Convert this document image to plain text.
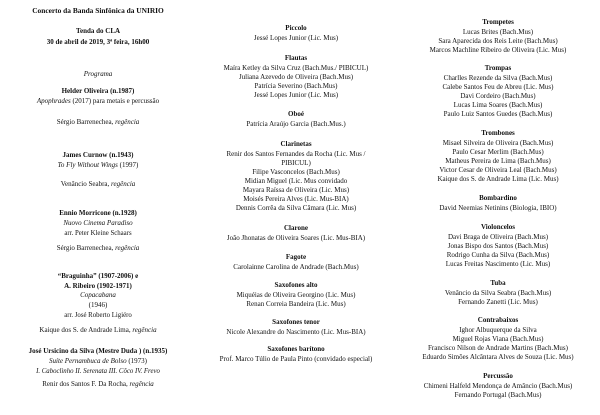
Concerto da Banda Sinfônica da UNIRIO
Tenda do CLA
30 de abril de 2019, 3ª feira, 16h00
Programa
Helder Oliveira (n.1987)
Apophrades (2017) para metais e percussão
Sérgio Barrenechea, regência
James Curnow (n.1943)
To Fly Without Wings (1997)
Venâncio Seabra, regência
Ennio Morricone (n.1928)
Nuovo Cinema Paradiso
arr. Peter Kleine Schaars
Sérgio Barrenechea, regência
“Braguinha” (1907-2006) e
A. Ribeiro (1902-1971)
Copacabana
(1946)
arr. José Roberto Ligiéro
Kaique dos S. de Andrade Lima, regência
José Ursicino da Silva (Mestre Duda ) (n.1935)
Suíte Pernambuca de Bolso (1973)
I. Caboclinho II. Serenata III. Côco IV. Frevo
Renir dos Santos F. Da Rocha, regência
Piccolo
Jessé Lopes Junior (Lic. Mus)
Flautas
Maíra Ketley da Silva Cruz (Bach.Mus./ PIBICUL)
Juliana Azevedo de Oliveira (Bach.Mus)
Patrícia Severino (Bach.Mus)
Jessé Lopes Junior (Lic. Mus)
Oboé
Patrícia Araújo Garcia (Bach.Mus.)
Clarinetas
Renir dos Santos Fernandes da Rocha (Lic. Mus /
PIBICUL)
Filipe Vasconcelos (Bach.Mus)
Midian Miguel (Lic. Mus convidado
Mayara Raíssa de Oliveira (Lic. Mus)
Moisés Pereira Alves (Lic. Mus-BIA)
Dennis Corrêa da Silva Câmara (Lic. Mus)
Clarone
João Jhonatas de Oliveira Soares (Lic. Mus-BIA)
Fagote
Carolainne Carolina de Andrade (Bach.Mus)
Saxofones alto
Miquéias de Oliveira Georgino (Lic. Mus)
Renan Correia Bandeira (Lic. Mus)
Saxofones tenor
Nicole Alexandre do Nascimento (Lic. Mus-BIA)
Saxofones barítono
Prof. Marco Túlio de Paula Pinto (convidado especial)
Trompetes
Lucas Brites (Bach.Mus)
Sara Aparecida dos Reis Leite (Bach.Mus)
Marcos Machline Ribeiro de Oliveira (Lic. Mus)
Trompas
Charlles Rezende da Silva (Bach.Mus)
Calebe Santos Feu de Abreu (Lic. Mus)
Davi Cordeiro (Bach.Mus)
Lucas Lima Soares (Bach.Mus)
Paulo Luiz Santos Guedes (Bach.Mus)
Trombones
Misael Silveira de Oliveira (Bach.Mus)
Paulo Cesar Merlim (Bach.Mus)
Matheus Pereira de Lima (Bach.Mus)
Victor Cesar de Oliveira Leal (Bach.Mus)
Kaique dos S. de Andrade Lima (Lic. Mus)
Bombardino
David Neemias Netinins (Biologia, IBIO)
Violoncelos
Davi Braga de Oliveira (Bach.Mus)
Jonas Bispo dos Santos (Bach.Mus)
Rodrigo Cunha da Silva (Bach.Mus)
Lucas Freitas Nascimento (Lic. Mus)
Tuba
Venâncio da Silva Seabra (Bach.Mus)
Fernando Zanetti (Lic. Mus)
Contrabaixos
Ighor Albuquerque da Silva
Miguel Rojas Viana (Bach.Mus)
Francisco Nilson de Andrade Martins (Bach.Mus)
Eduardo Simões Alcântara Alves de Souza (Lic. Mus)
Percussão
Chimeni Halfeld Mendonça de Amâncio (Bach.Mus)
Fernando Portugal (Bach.Mus)
